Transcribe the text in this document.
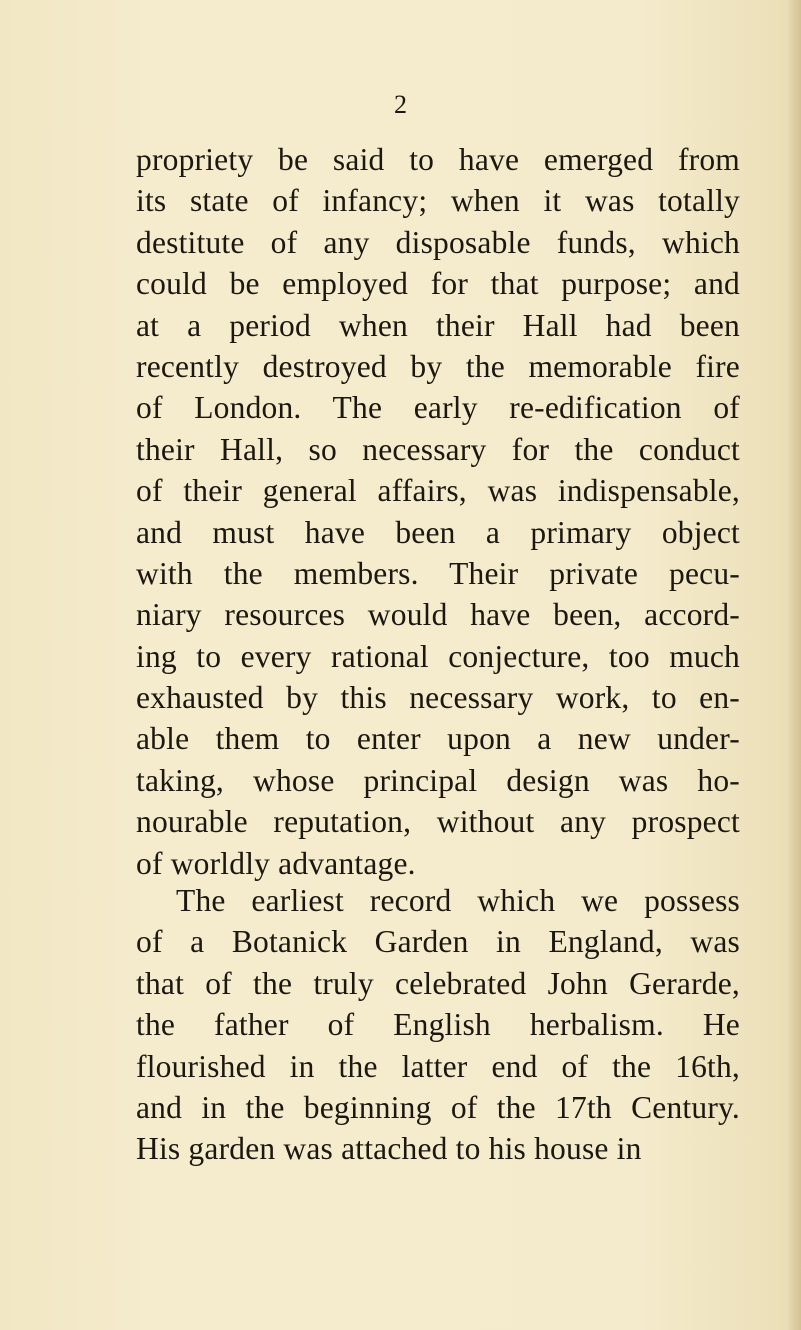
2
propriety be said to have emerged from
its state of infancy; when it was totally
destitute of any disposable funds, which
could be employed for that purpose; and
at a period when their Hall had been
recently destroyed by the memorable fire
of London. The early re-edification of
their Hall, so necessary for the conduct
of their general affairs, was indispensable,
and must have been a primary object
with the members. Their private pecu-
niary resources would have been, accord-
ing to every rational conjecture, too much
exhausted by this necessary work, to en-
able them to enter upon a new under-
taking, whose principal design was ho-
nourable reputation, without any prospect
of worldly advantage.
The earliest record which we possess
of a Botanick Garden in England, was
that of the truly celebrated John Gerarde,
the father of English herbalism. He
flourished in the latter end of the 16th,
and in the beginning of the 17th Century.
His garden was attached to his house in
